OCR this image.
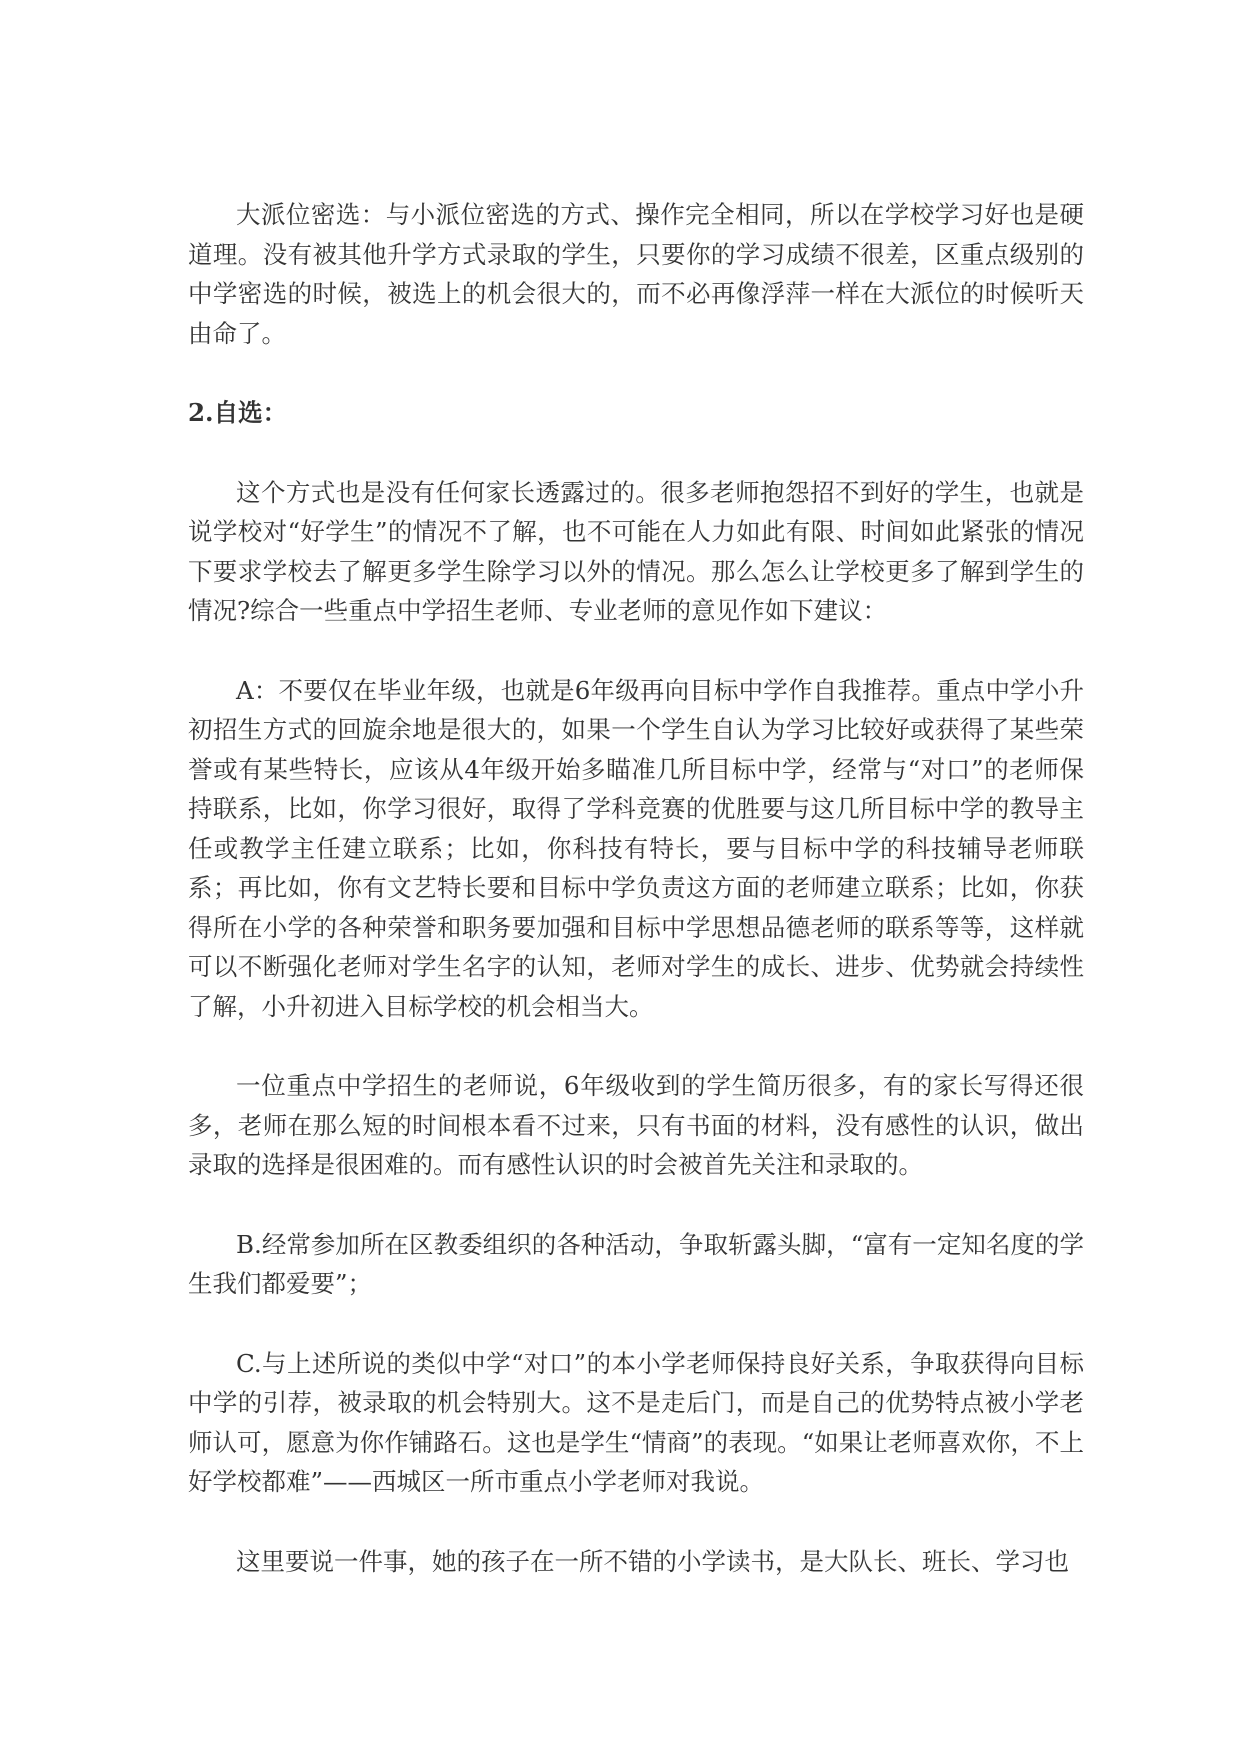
大派位密选：与小派位密选的方式、操作完全相同，所以在学校学习好也是硬道理。没有被其他升学方式录取的学生，只要你的学习成绩不很差，区重点级别的中学密选的时候，被选上的机会很大的，而不必再像浮萍一样在大派位的时候听天由命了。

2.自选：

这个方式也是没有任何家长透露过的。很多老师抱怨招不到好的学生，也就是说学校对“好学生”的情况不了解，也不可能在人力如此有限、时间如此紧张的情况下要求学校去了解更多学生除学习以外的情况。那么怎么让学校更多了解到学生的情况?综合一些重点中学招生老师、专业老师的意见作如下建议：

A：不要仅在毕业年级，也就是6年级再向目标中学作自我推荐。重点中学小升初招生方式的回旋余地是很大的，如果一个学生自认为学习比较好或获得了某些荣誉或有某些特长，应该从4年级开始多瞄准几所目标中学，经常与“对口”的老师保持联系，比如，你学习很好，取得了学科竞赛的优胜要与这几所目标中学的教导主任或教学主任建立联系；比如，你科技有特长，要与目标中学的科技辅导老师联系；再比如，你有文艺特长要和目标中学负责这方面的老师建立联系；比如，你获得所在小学的各种荣誉和职务要加强和目标中学思想品德老师的联系等等，这样就可以不断强化老师对学生名字的认知，老师对学生的成长、进步、优势就会持续性了解，小升初进入目标学校的机会相当大。

一位重点中学招生的老师说，6年级收到的学生简历很多，有的家长写得还很多，老师在那么短的时间根本看不过来，只有书面的材料，没有感性的认识，做出录取的选择是很困难的。而有感性认识的时会被首先关注和录取的。

B.经常参加所在区教委组织的各种活动，争取斩露头脚，“富有一定知名度的学生我们都爱要”；

C.与上述所说的类似中学“对口”的本小学老师保持良好关系，争取获得向目标中学的引荐，被录取的机会特别大。这不是走后门，而是自己的优势特点被小学老师认可，愿意为你作铺路石。这也是学生“情商”的表现。“如果让老师喜欢你，不上好学校都难”——西城区一所市重点小学老师对我说。

这里要说一件事，她的孩子在一所不错的小学读书，是大队长、班长、学习也
